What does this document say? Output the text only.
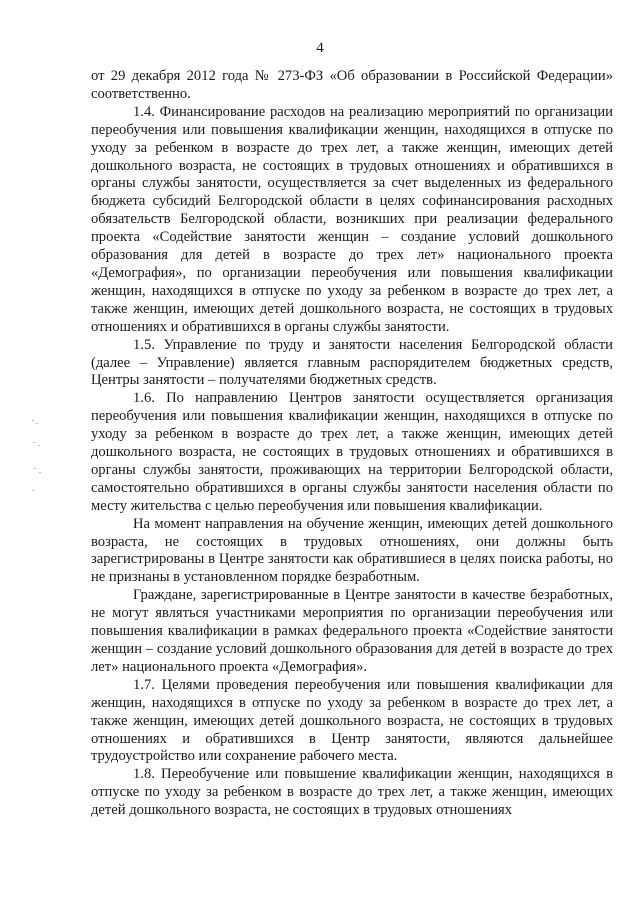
4

от 29 декабря 2012 года № 273-ФЗ «Об образовании в Российской Федерации» соответственно.

1.4. Финансирование расходов на реализацию мероприятий по организации переобучения или повышения квалификации женщин, находящихся в отпуске по уходу за ребенком в возрасте до трех лет, а также женщин, имеющих детей дошкольного возраста, не состоящих в трудовых отношениях и обратившихся в органы службы занятости, осуществляется за счет выделенных из федерального бюджета субсидий Белгородской области в целях софинансирования расходных обязательств Белгородской области, возникших при реализации федерального проекта «Содействие занятости женщин – создание условий дошкольного образования для детей в возрасте до трех лет» национального проекта «Демография», по организации переобучения или повышения квалификации женщин, находящихся в отпуске по уходу за ребенком в возрасте до трех лет, а также женщин, имеющих детей дошкольного возраста, не состоящих в трудовых отношениях и обратившихся в органы службы занятости.

1.5. Управление по труду и занятости населения Белгородской области (далее – Управление) является главным распорядителем бюджетных средств, Центры занятости – получателями бюджетных средств.

1.6. По направлению Центров занятости осуществляется организация переобучения или повышения квалификации женщин, находящихся в отпуске по уходу за ребенком в возрасте до трех лет, а также женщин, имеющих детей дошкольного возраста, не состоящих в трудовых отношениях и обратившихся в органы службы занятости, проживающих на территории Белгородской области, самостоятельно обратившихся в органы службы занятости населения области по месту жительства с целью переобучения или повышения квалификации.

На момент направления на обучение женщин, имеющих детей дошкольного возраста, не состоящих в трудовых отношениях, они должны быть зарегистрированы в Центре занятости как обратившиеся в целях поиска работы, но не признаны в установленном порядке безработным.

Граждане, зарегистрированные в Центре занятости в качестве безработных, не могут являться участниками мероприятия по организации переобучения или повышения квалификации в рамках федерального проекта «Содействие занятости женщин – создание условий дошкольного образования для детей в возрасте до трех лет» национального проекта «Демография».

1.7. Целями проведения переобучения или повышения квалификации для женщин, находящихся в отпуске по уходу за ребенком в возрасте до трех лет, а также женщин, имеющих детей дошкольного возраста, не состоящих в трудовых отношениях и обратившихся в Центр занятости, являются дальнейшее трудоустройство или сохранение рабочего места.

1.8. Переобучение или повышение квалификации женщин, находящихся в отпуске по уходу за ребенком в возрасте до трех лет, а также женщин, имеющих детей дошкольного возраста, не состоящих в трудовых отношениях
